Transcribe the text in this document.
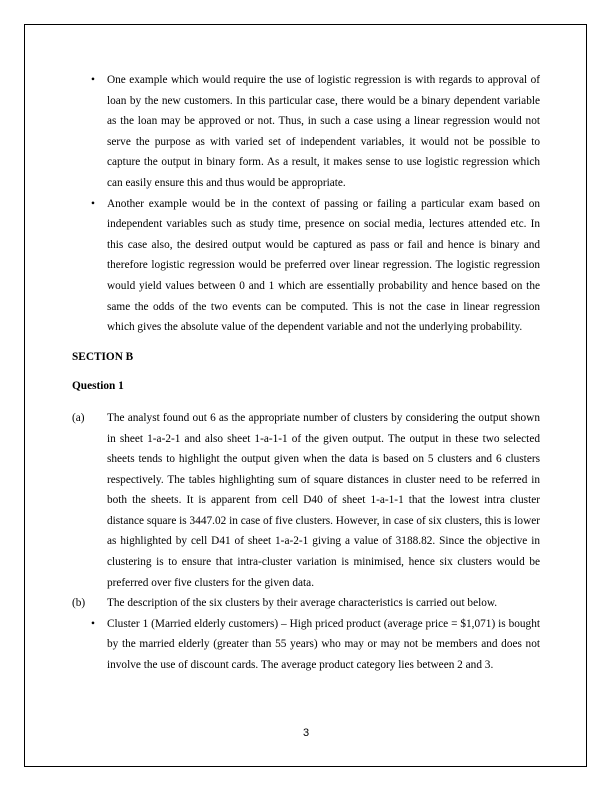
• One example which would require the use of logistic regression is with regards to approval of loan by the new customers. In this particular case, there would be a binary dependent variable as the loan may be approved or not. Thus, in such a case using a linear regression would not serve the purpose as with varied set of independent variables, it would not be possible to capture the output in binary form. As a result, it makes sense to use logistic regression which can easily ensure this and thus would be appropriate.

• Another example would be in the context of passing or failing a particular exam based on independent variables such as study time, presence on social media, lectures attended etc. In this case also, the desired output would be captured as pass or fail and hence is binary and therefore logistic regression would be preferred over linear regression. The logistic regression would yield values between 0 and 1 which are essentially probability and hence based on the same the odds of the two events can be computed. This is not the case in linear regression which gives the absolute value of the dependent variable and not the underlying probability.

SECTION B

Question 1

(a) The analyst found out 6 as the appropriate number of clusters by considering the output shown in sheet 1-a-2-1 and also sheet 1-a-1-1 of the given output. The output in these two selected sheets tends to highlight the output given when the data is based on 5 clusters and 6 clusters respectively. The tables highlighting sum of square distances in cluster need to be referred in both the sheets. It is apparent from cell D40 of sheet 1-a-1-1 that the lowest intra cluster distance square is 3447.02 in case of five clusters. However, in case of six clusters, this is lower as highlighted by cell D41 of sheet 1-a-2-1 giving a value of 3188.82. Since the objective in clustering is to ensure that intra-cluster variation is minimised, hence six clusters would be preferred over five clusters for the given data.

(b) The description of the six clusters by their average characteristics is carried out below.

• Cluster 1 (Married elderly customers) – High priced product (average price = $1,071) is bought by the married elderly (greater than 55 years) who may or may not be members and does not involve the use of discount cards. The average product category lies between 2 and 3.

3
